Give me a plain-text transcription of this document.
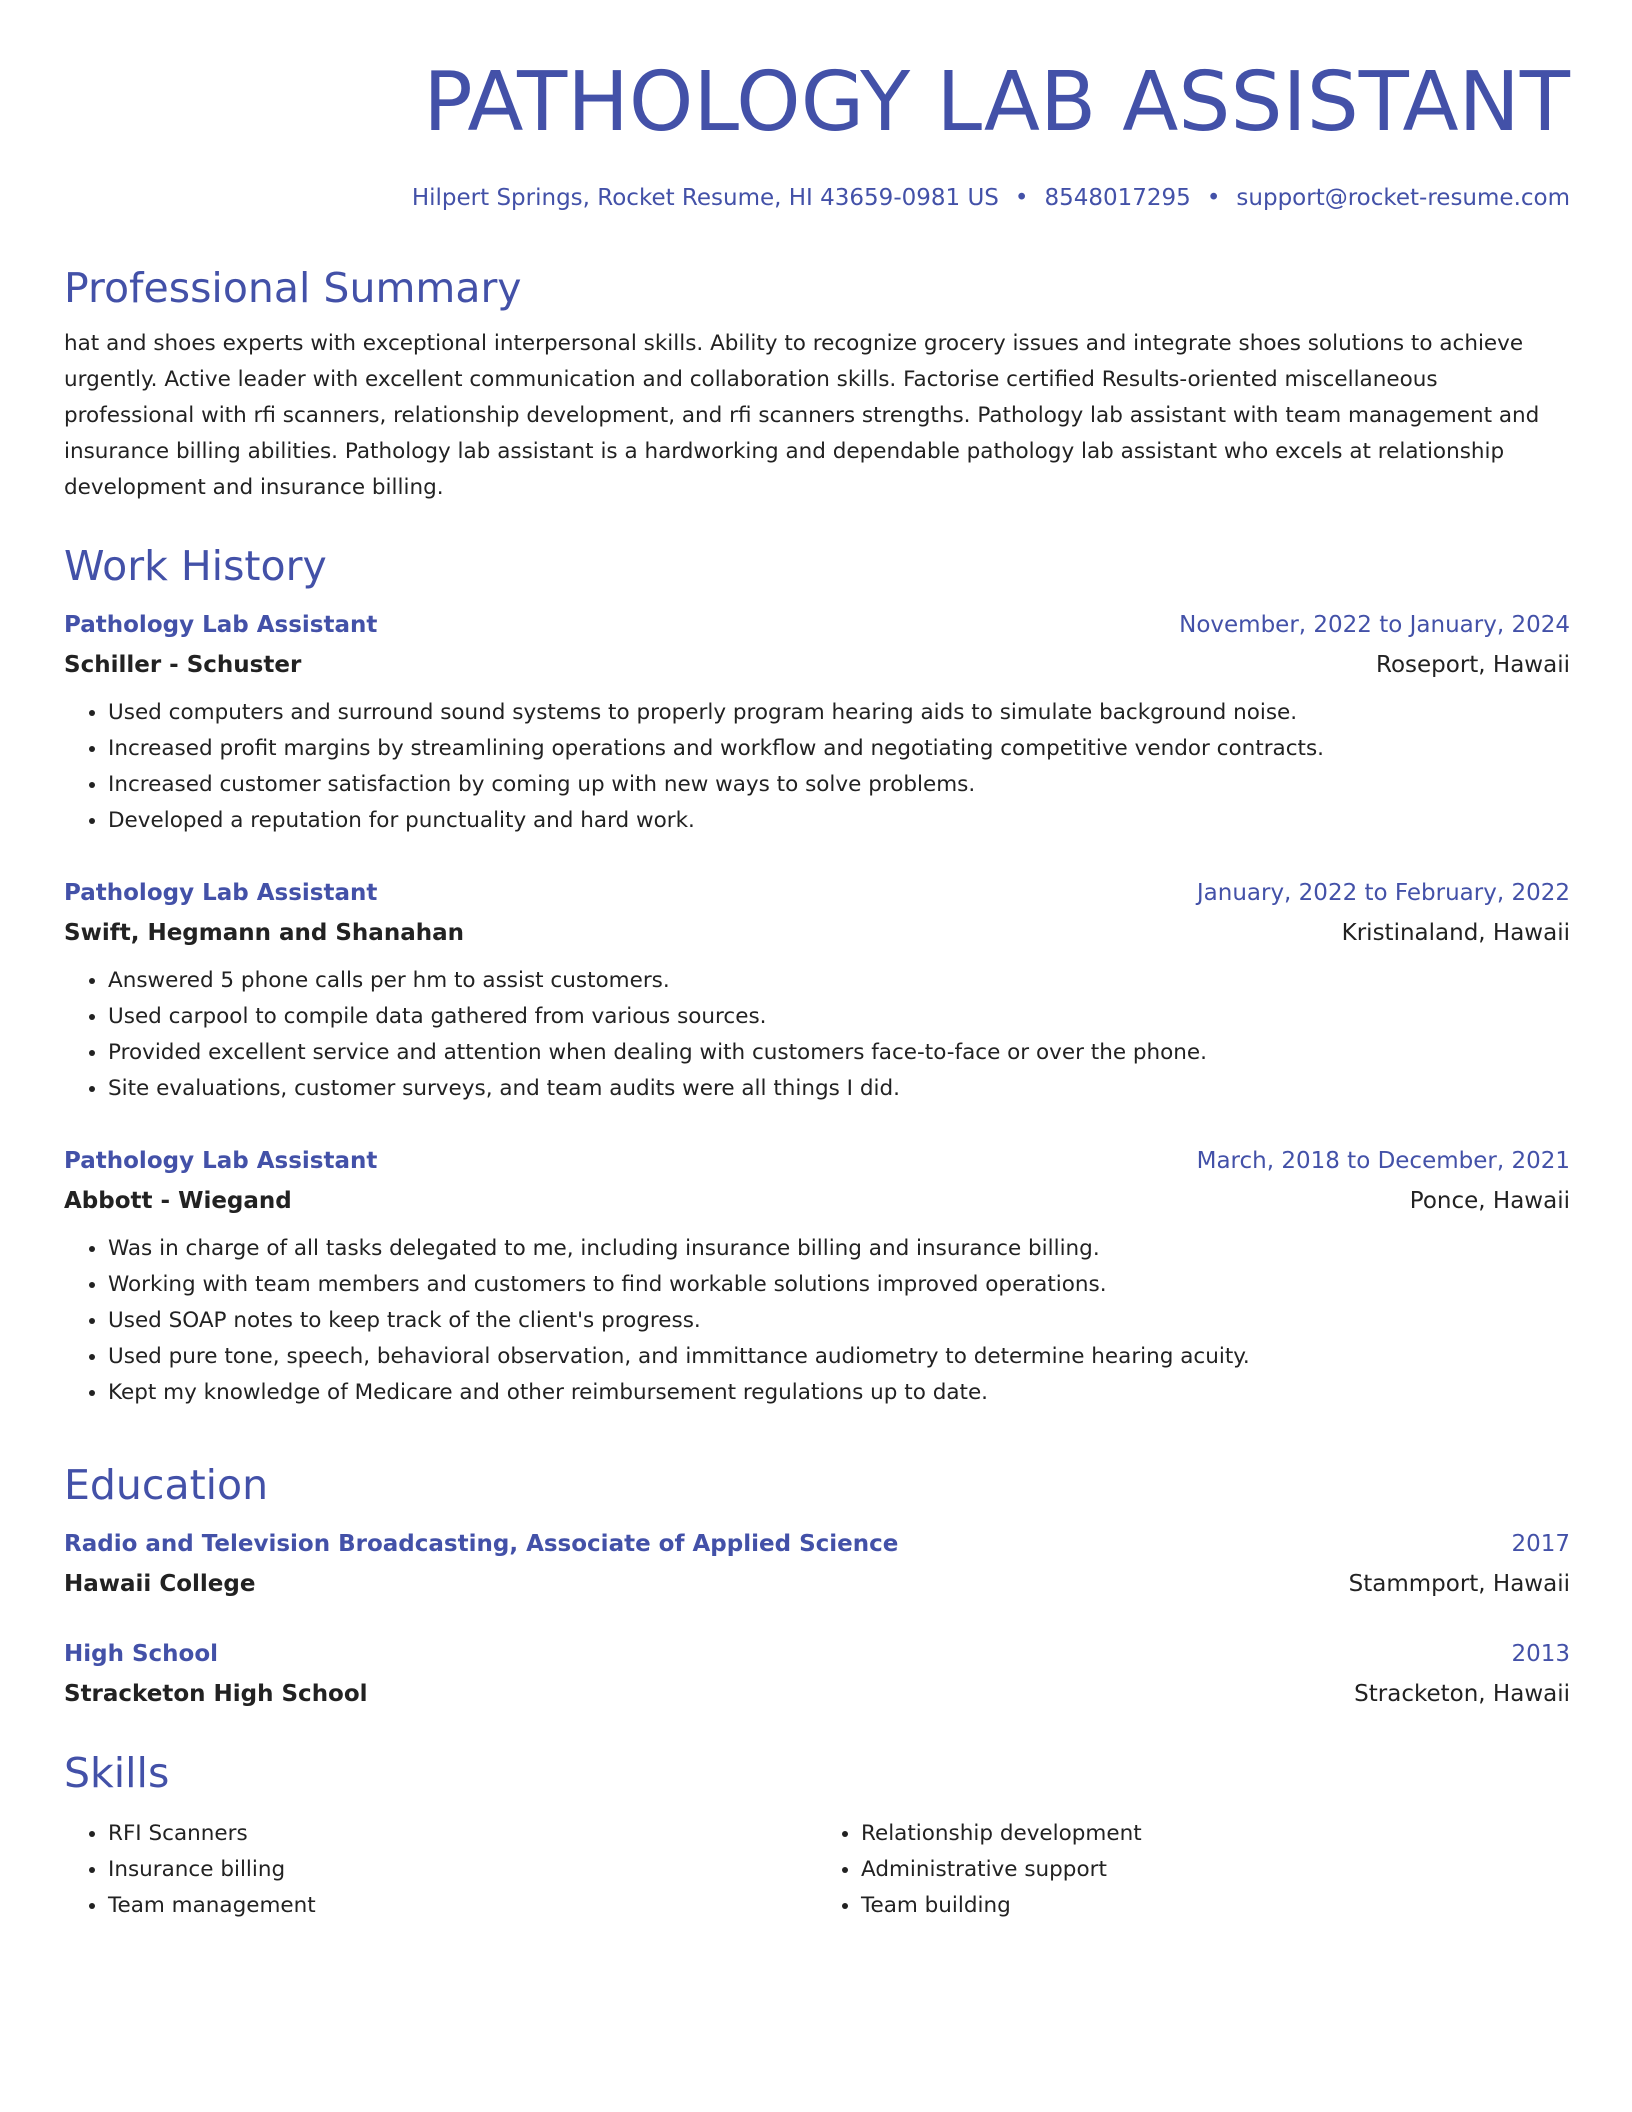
PATHOLOGY LAB ASSISTANT
Hilpert Springs, Rocket Resume, HI 43659-0981 US • 8548017295 • support@rocket-resume.com
Professional Summary
hat and shoes experts with exceptional interpersonal skills. Ability to recognize grocery issues and integrate shoes solutions to achieve urgently. Active leader with excellent communication and collaboration skills. Factorise certified Results-oriented miscellaneous professional with rfi scanners, relationship development, and rfi scanners strengths. Pathology lab assistant with team management and insurance billing abilities. Pathology lab assistant is a hardworking and dependable pathology lab assistant who excels at relationship development and insurance billing.
Work History
Pathology Lab Assistant	November, 2022 to January, 2024
Schiller - Schuster	Roseport, Hawaii
• Used computers and surround sound systems to properly program hearing aids to simulate background noise.
• Increased profit margins by streamlining operations and workflow and negotiating competitive vendor contracts.
• Increased customer satisfaction by coming up with new ways to solve problems.
• Developed a reputation for punctuality and hard work.
Pathology Lab Assistant	January, 2022 to February, 2022
Swift, Hegmann and Shanahan	Kristinaland, Hawaii
• Answered 5 phone calls per hm to assist customers.
• Used carpool to compile data gathered from various sources.
• Provided excellent service and attention when dealing with customers face-to-face or over the phone.
• Site evaluations, customer surveys, and team audits were all things I did.
Pathology Lab Assistant	March, 2018 to December, 2021
Abbott - Wiegand	Ponce, Hawaii
• Was in charge of all tasks delegated to me, including insurance billing and insurance billing.
• Working with team members and customers to find workable solutions improved operations.
• Used SOAP notes to keep track of the client's progress.
• Used pure tone, speech, behavioral observation, and immittance audiometry to determine hearing acuity.
• Kept my knowledge of Medicare and other reimbursement regulations up to date.
Education
Radio and Television Broadcasting, Associate of Applied Science	2017
Hawaii College	Stammport, Hawaii
High School	2013
Stracketon High School	Stracketon, Hawaii
Skills
• RFI Scanners
• Insurance billing
• Team management
• Relationship development
• Administrative support
• Team building
